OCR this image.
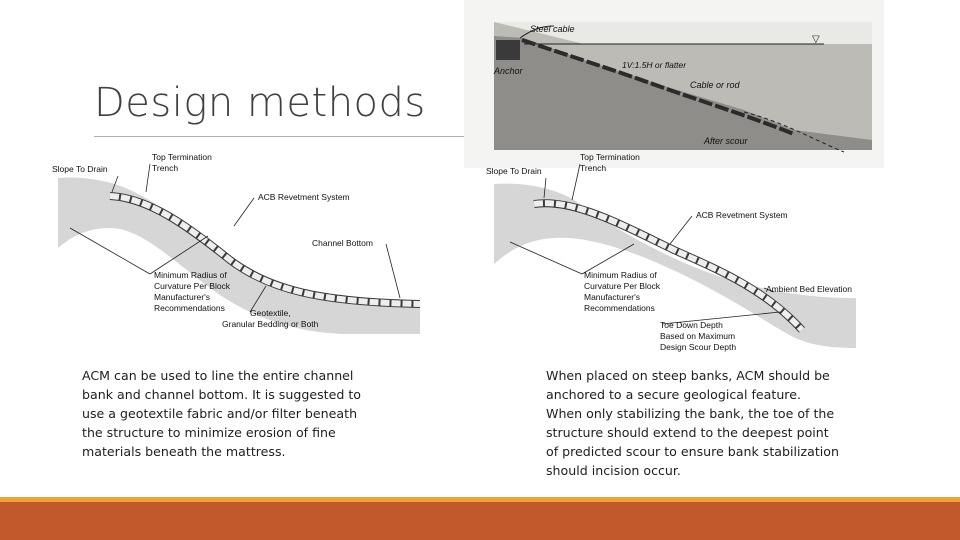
Design methods
▽
Steel cable
Anchor
1V:1.5H or flatter
Cable or rod
After scour
Slope To Drain
Top Termination
Trench
ACB Revetment System
Channel Bottom
Minimum Radius of
Curvature Per Block
Manufacturer's
Recommendations	Geotextile,
Granular Bedding or Both
Slope To Drain
Top Termination
Trench
ACB Revetment System
Ambient Bed Elevation
Minimum Radius of
Curvature Per Block
Manufacturer's
Recommendations
Toe Down Depth
Based on Maximum
Design Scour Depth
ACM can be used to line the entire channel
bank and channel bottom. It is suggested to
use a geotextile fabric and/or filter beneath
the structure to minimize erosion of fine
materials beneath the mattress.
When placed on steep banks, ACM should be
anchored to a secure geological feature.
When only stabilizing the bank, the toe of the
structure should extend to the deepest point
of predicted scour to ensure bank stabilization
should incision occur.
